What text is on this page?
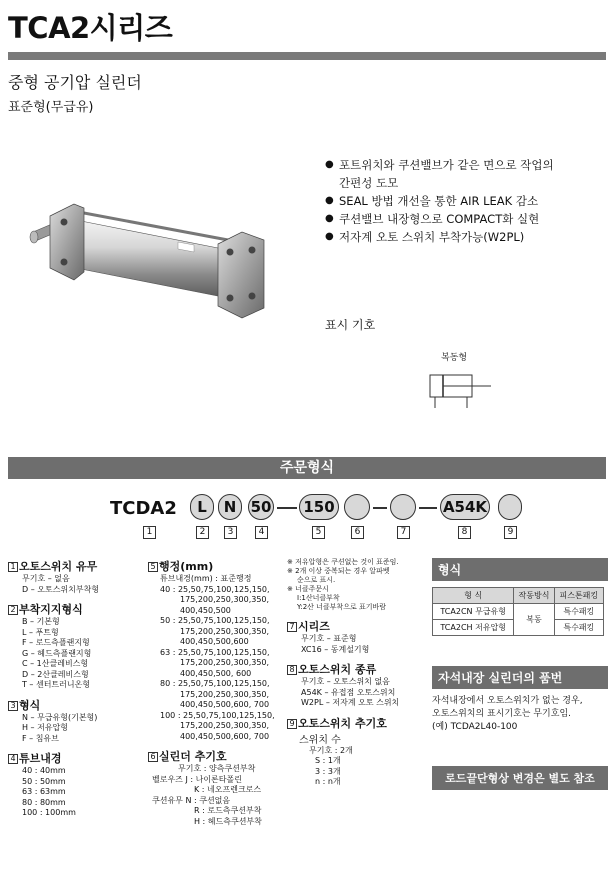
TCA2시리즈
중형 공기압 실린더
표준형(무급유)
● 포트위치와 쿠션밸브가 같은 면으로 작업의
간편성 도모
● SEAL 방법 개선을 통한 AIR LEAK 감소
● 쿠션밸브 내장형으로 COMPACT화 실현
● 저자계 오토 스위치 부착가능(W2PL)
표시 기호
복동형
주문형식
TCDA2	L	N 50 150	A54K
1	2	3	4	5	6	7	8	9
1 오토스위치 유무
무기호 – 없음
D – 오토스위치부착형
2 부착지지형식
B – 기본형
L – 푸트형
F – 로드측플랜지형
G – 헤드측플랜지형
C – 1산클레비스형
D – 2산클레비스형
T – 센터트러니온형
3 형식
N – 무급유형(기본형)
H – 저유압형
F – 침유브
4 튜브내경
40 : 40mm
50 : 50mm
63 : 63mm
80 : 80mm
100 : 100mm
5 행정(mm)
튜브내경(mm) : 표준행정
40 : 25,50,75,100,125,150,
175,200,250,300,350,
400,450,500
50 : 25,50,75,100,125,150,
175,200,250,300,350,
400,450,500,600
63 : 25,50,75,100,125,150,
175,200,250,300,350,
400,450,500, 600
80 : 25,50,75,100,125,150,
175,200,250,300,350,
400,450,500,600, 700
100 : 25,50,75,100,125,150,
175,200,250,300,350,
400,450,500,600, 700
6 실린더 추기호
무기호 : 양측쿠션부착
벨로우즈 J : 나이론타폴린
K : 네오프렌크로스
쿠션유무 N : 쿠션없음
R : 로드측쿠션부착
H : 헤드측쿠션부착
※ 저유압형은 쿠션없는 것이 표준임.
※ 2개 이상 중복되는 경우 알파벳
순으로 표시.
※ 너클주문시
I:1산너클부착
Y:2산 너클부착으로 표기바람
7 시리즈
무기호 – 표준형
XC16 – 동계설기형
8 오토스위치 종류
무기호 – 오토스위치 없음
A54K – 유접점 오토스위치
W2PL – 저자계 오토 스위치
9 오토스위치 추기호
스위치 수
무기호 : 2개
S : 1개
3 : 3개
n : n개
형식
형 식	작동방식	피스톤패킹
TCA2CN 무급유형	복동	특수패킹
TCA2CH 저유압형		특수패킹
자석내장 실린더의 품번
자석내장에서 오토스위치가 없는 경우,
오토스위치의 표시기호는 무기호임.
(예) TCDA2L40-100
로드끝단형상 변경은 별도 참조
